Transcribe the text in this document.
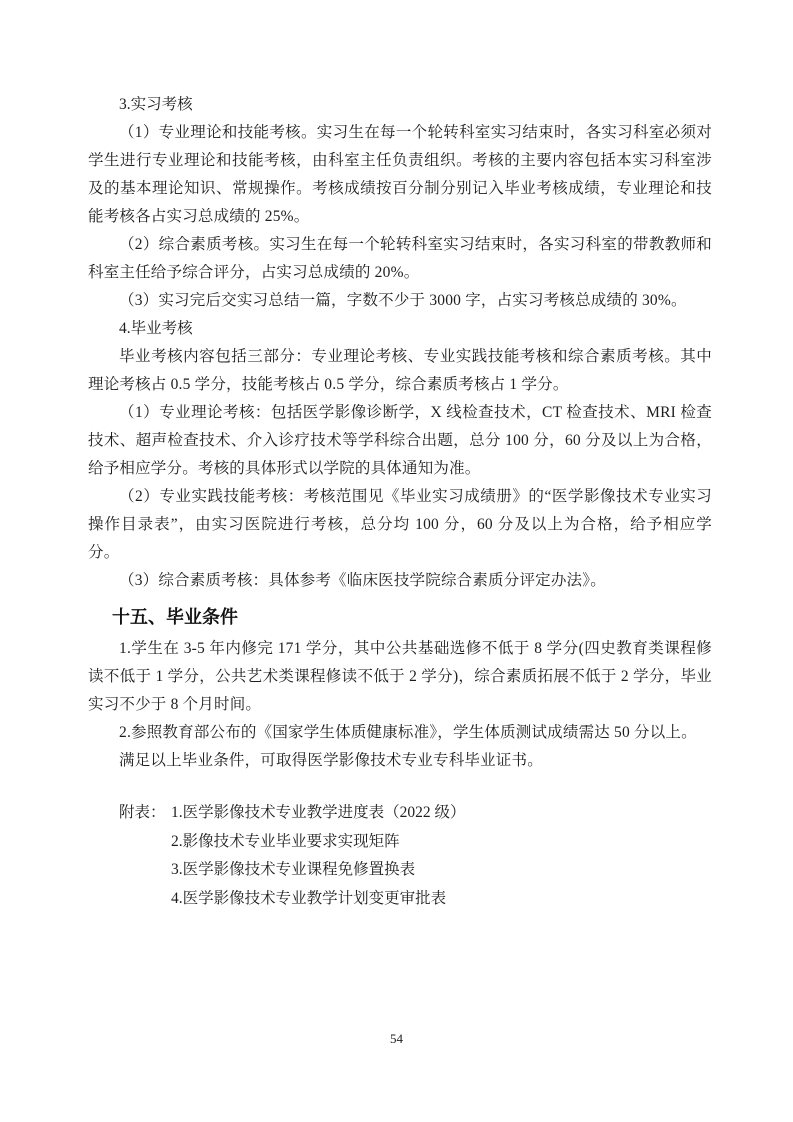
3.实习考核

（1）专业理论和技能考核。实习生在每一个轮转科室实习结束时，各实习科室必须对学生进行专业理论和技能考核，由科室主任负责组织。考核的主要内容包括本实习科室涉及的基本理论知识、常规操作。考核成绩按百分制分别记入毕业考核成绩，专业理论和技能考核各占实习总成绩的 25%。

（2）综合素质考核。实习生在每一个轮转科室实习结束时，各实习科室的带教教师和科室主任给予综合评分，占实习总成绩的 20%。

（3）实习完后交实习总结一篇，字数不少于 3000 字，占实习考核总成绩的 30%。

4.毕业考核

毕业考核内容包括三部分：专业理论考核、专业实践技能考核和综合素质考核。其中理论考核占 0.5 学分，技能考核占 0.5 学分，综合素质考核占 1 学分。

（1）专业理论考核：包括医学影像诊断学，X 线检查技术，CT 检查技术、MRI 检查技术、超声检查技术、介入诊疗技术等学科综合出题，总分 100 分，60 分及以上为合格，给予相应学分。考核的具体形式以学院的具体通知为准。

（2）专业实践技能考核：考核范围见《毕业实习成绩册》的“医学影像技术专业实习操作目录表”，由实习医院进行考核，总分均 100 分，60 分及以上为合格，给予相应学分。

（3）综合素质考核：具体参考《临床医技学院综合素质分评定办法》。

十五、毕业条件

1.学生在 3-5 年内修完 171 学分，其中公共基础选修不低于 8 学分(四史教育类课程修读不低于 1 学分，公共艺术类课程修读不低于 2 学分)，综合素质拓展不低于 2 学分，毕业实习不少于 8 个月时间。

2.参照教育部公布的《国家学生体质健康标准》，学生体质测试成绩需达 50 分以上。

满足以上毕业条件，可取得医学影像技术专业专科毕业证书。

附表： 1.医学影像技术专业教学进度表（2022 级）
2.影像技术专业毕业要求实现矩阵
3.医学影像技术专业课程免修置换表
4.医学影像技术专业教学计划变更审批表
54
